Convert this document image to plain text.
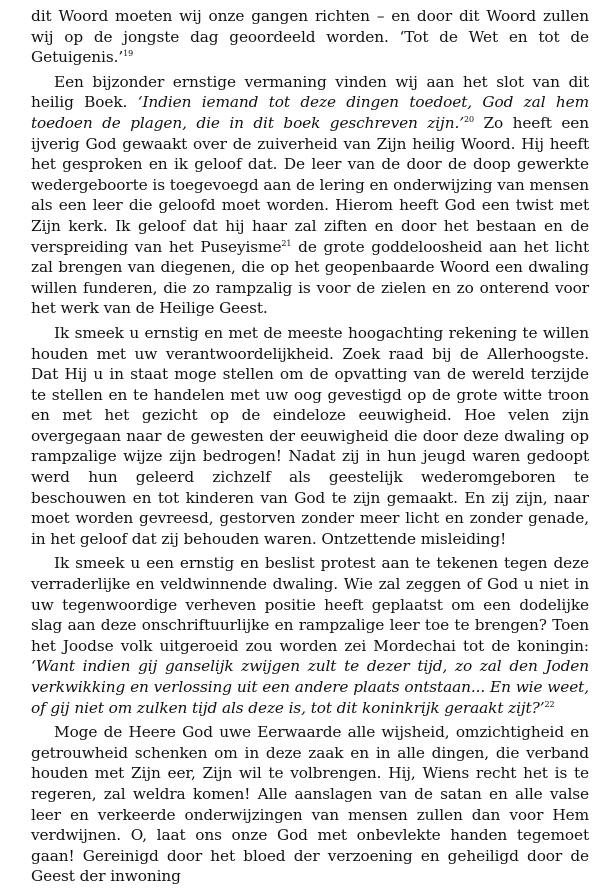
dit Woord moeten wij onze gangen richten – en door dit Woord zullen wij op de jongste dag geoordeeld worden. ‘Tot de Wet en tot de Getuigenis.’$^{19}$

Een bijzonder ernstige vermaning vinden wij aan het slot van dit heilig Boek. ‘Indien iemand tot deze dingen toedoet, God zal hem toedoen de plagen, die in dit boek geschreven zijn.’$^{20}$ Zo heeft een ijverig God gewaakt over de zuiverheid van Zijn heilig Woord. Hij heeft het gesproken en ik geloof dat. De leer van de door de doop gewerkte wedergeboorte is toegevoegd aan de lering en onderwijzing van mensen als een leer die geloofd moet worden. Hierom heeft God een twist met Zijn kerk. Ik geloof dat hij haar zal ziften en door het bestaan en de verspreiding van het Puseyisme$^{21}$ de grote goddeloosheid aan het licht zal brengen van diegenen, die op het geopenbaarde Woord een dwaling willen funderen, die zo rampzalig is voor de zielen en zo onterend voor het werk van de Heilige Geest.

Ik smeek u ernstig en met de meeste hoogachting rekening te willen houden met uw verantwoordelijkheid. Zoek raad bij de Allerhoogste. Dat Hij u in staat moge stellen om de opvatting van de wereld terzijde te stellen en te handelen met uw oog gevestigd op de grote witte troon en met het gezicht op de eindeloze eeuwigheid. Hoe velen zijn overgegaan naar de gewesten der eeuwigheid die door deze dwaling op rampzalige wijze zijn bedrogen! Nadat zij in hun jeugd waren gedoopt werd hun geleerd zichzelf als geestelijk wederomgeboren te beschouwen en tot kinderen van God te zijn gemaakt. En zij zijn, naar moet worden gevreesd, gestorven zonder meer licht en zonder genade, in het geloof dat zij behouden waren. Ontzettende misleiding!

Ik smeek u een ernstig en beslist protest aan te tekenen tegen deze verraderlijke en veldwinnende dwaling. Wie zal zeggen of God u niet in uw tegenwoordige verheven positie heeft geplaatst om een dodelijke slag aan deze onschriftuurlijke en rampzalige leer toe te brengen? Toen het Joodse volk uitgeroeid zou worden zei Mordechai tot de koningin: ‘Want indien gij ganselijk zwijgen zult te dezer tijd, zo zal den Joden verkwikking en verlossing uit een andere plaats ontstaan... En wie weet, of gij niet om zulken tijd als deze is, tot dit koninkrijk geraakt zijt?’$^{22}$

Moge de Heere God uwe Eerwaarde alle wijsheid, omzichtigheid en getrouwheid schenken om in deze zaak en in alle dingen, die verband houden met Zijn eer, Zijn wil te volbrengen. Hij, Wiens recht het is te regeren, zal weldra komen! Alle aanslagen van de satan en alle valse leer en verkeerde onderwijzingen van mensen zullen dan voor Hem verdwijnen. O, laat ons onze God met onbevlekte handen tegemoet gaan! Gereinigd door het bloed der verzoening en geheiligd door de Geest der inwoning
